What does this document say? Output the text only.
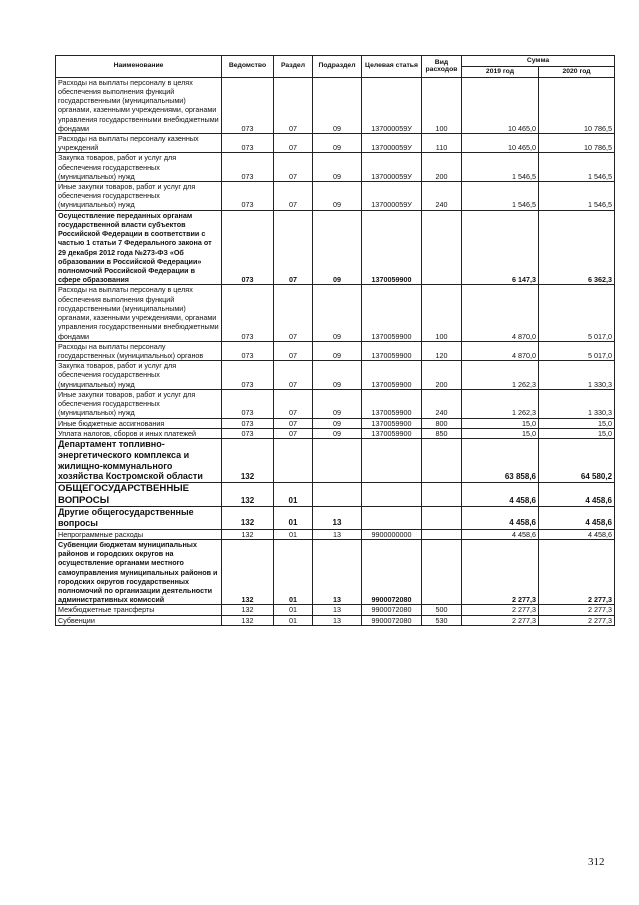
Наименование	Ведомство	Раздел	Подраздел	Целевая статья	Вид расходов	Сумма	
						2019 год	2020 год
Расходы на выплаты персоналу в целях обеспечения выполнения функций государственными (муниципальными) органами, казенными учреждениями, органами управления государственными внебюджетными фондами	073	07	09	137000059У	100	10 465,0	10 786,5
Расходы на выплаты персоналу казенных учреждений	073	07	09	137000059У	110	10 465,0	10 786,5
Закупка товаров, работ и услуг для обеспечения государственных (муниципальных) нужд	073	07	09	137000059У	200	1 546,5	1 546,5
Иные закупки товаров, работ и услуг для обеспечения государственных (муниципальных) нужд	073	07	09	137000059У	240	1 546,5	1 546,5
Осуществление переданных органам государственной власти субъектов Российской Федерации в соответствии с частью 1 статьи 7 Федерального закона от 29 декабря 2012 года №273-ФЗ «Об образовании в Российской Федерации» полномочий Российской Федерации в сфере образования	073	07	09	1370059900		6 147,3	6 362,3
Расходы на выплаты персоналу в целях обеспечения выполнения функций государственными (муниципальными) органами, казенными учреждениями, органами управления государственными внебюджетными фондами	073	07	09	1370059900	100	4 870,0	5 017,0
Расходы на выплаты персоналу государственных (муниципальных) органов	073	07	09	1370059900	120	4 870,0	5 017,0
Закупка товаров, работ и услуг для обеспечения государственных (муниципальных) нужд	073	07	09	1370059900	200	1 262,3	1 330,3
Иные закупки товаров, работ и услуг для обеспечения государственных (муниципальных) нужд	073	07	09	1370059900	240	1 262,3	1 330,3
Иные бюджетные ассигнования	073	07	09	1370059900	800	15,0	15,0
Уплата налогов, сборов и иных платежей	073	07	09	1370059900	850	15,0	15,0
Департамент топливно-энергетического комплекса и жилищно-коммунального хозяйства Костромской области	132					63 858,6	64 580,2
ОБЩЕГОСУДАРСТВЕННЫЕ ВОПРОСЫ	132	01				4 458,6	4 458,6
Другие общегосударственные вопросы	132	01	13			4 458,6	4 458,6
Непрограммные расходы	132	01	13	9900000000		4 458,6	4 458,6
Субвенции бюджетам муниципальных районов и городских округов на осуществление органами местного самоуправления муниципальных районов и городских округов государственных полномочий по организации деятельности административных комиссий	132	01	13	9900072080		2 277,3	2 277,3
Межбюджетные трансферты	132	01	13	9900072080	500	2 277,3	2 277,3
Субвенции	132	01	13	9900072080	530	2 277,3	2 277,3
312
